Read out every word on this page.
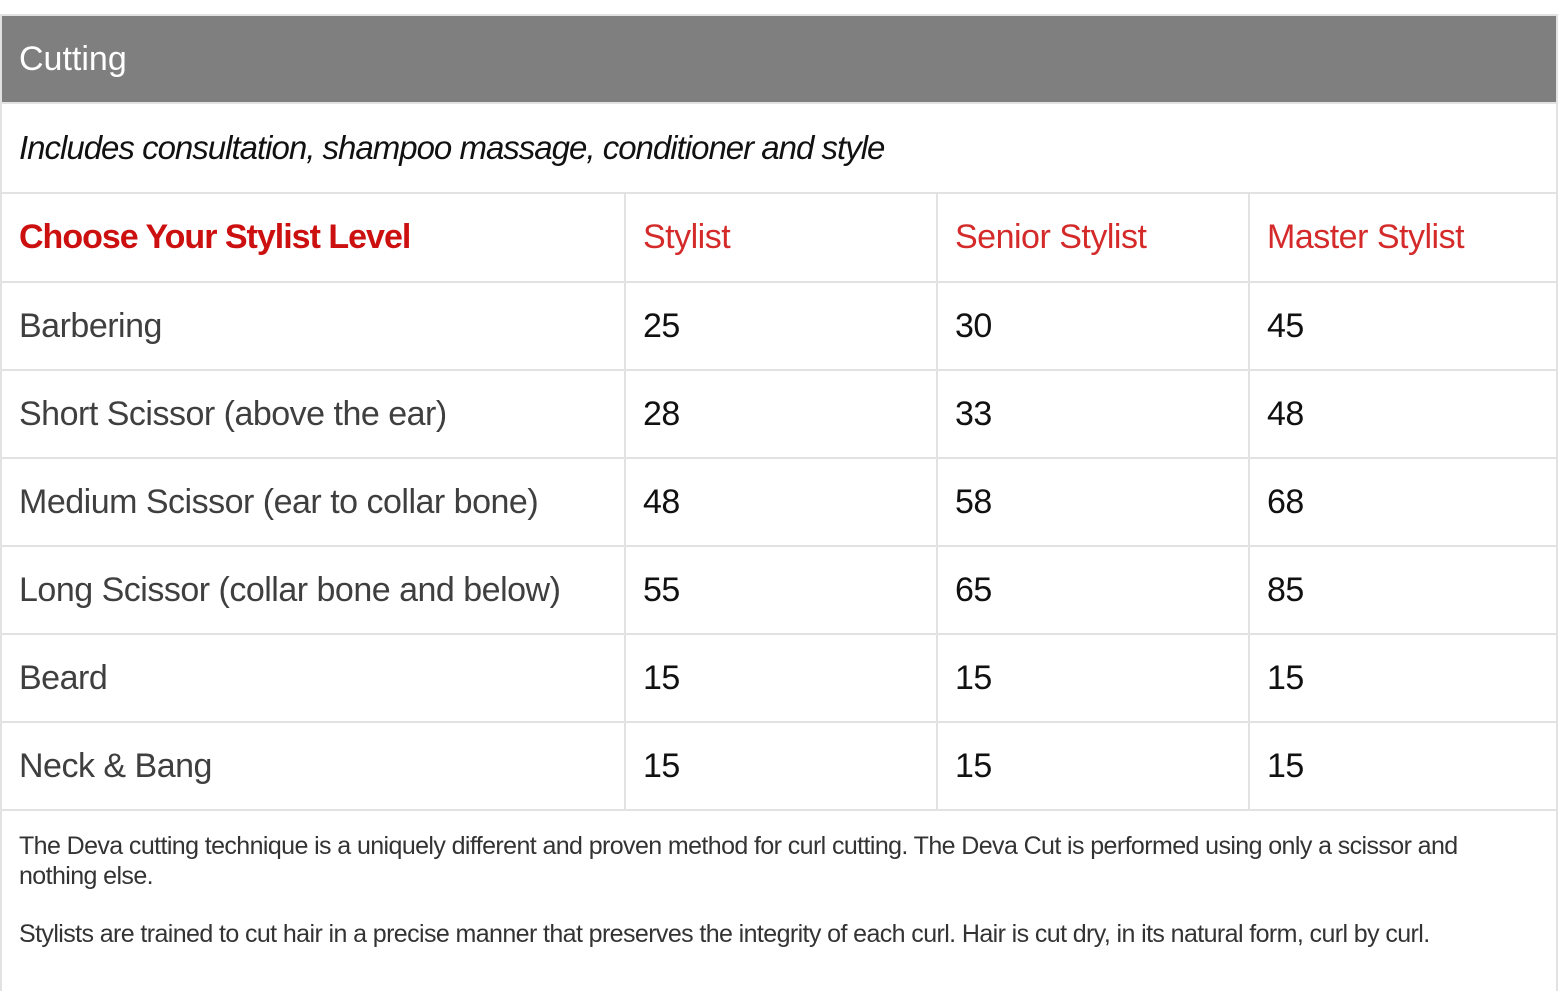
Cutting
Includes consultation, shampoo massage, conditioner and style
Choose Your Stylist Level	Stylist	Senior Stylist	Master Stylist
Barbering	25	30	45
Short Scissor (above the ear)	28	33	48
Medium Scissor (ear to collar bone)	48	58	68
Long Scissor (collar bone and below)	55	65	85
Beard	15	15	15
Neck & Bang	15	15	15

The Deva cutting technique is a uniquely different and proven method for curl cutting. The Deva Cut is performed using only a scissor and nothing else.

Stylists are trained to cut hair in a precise manner that preserves the integrity of each curl. Hair is cut dry, in its natural form, curl by curl.
